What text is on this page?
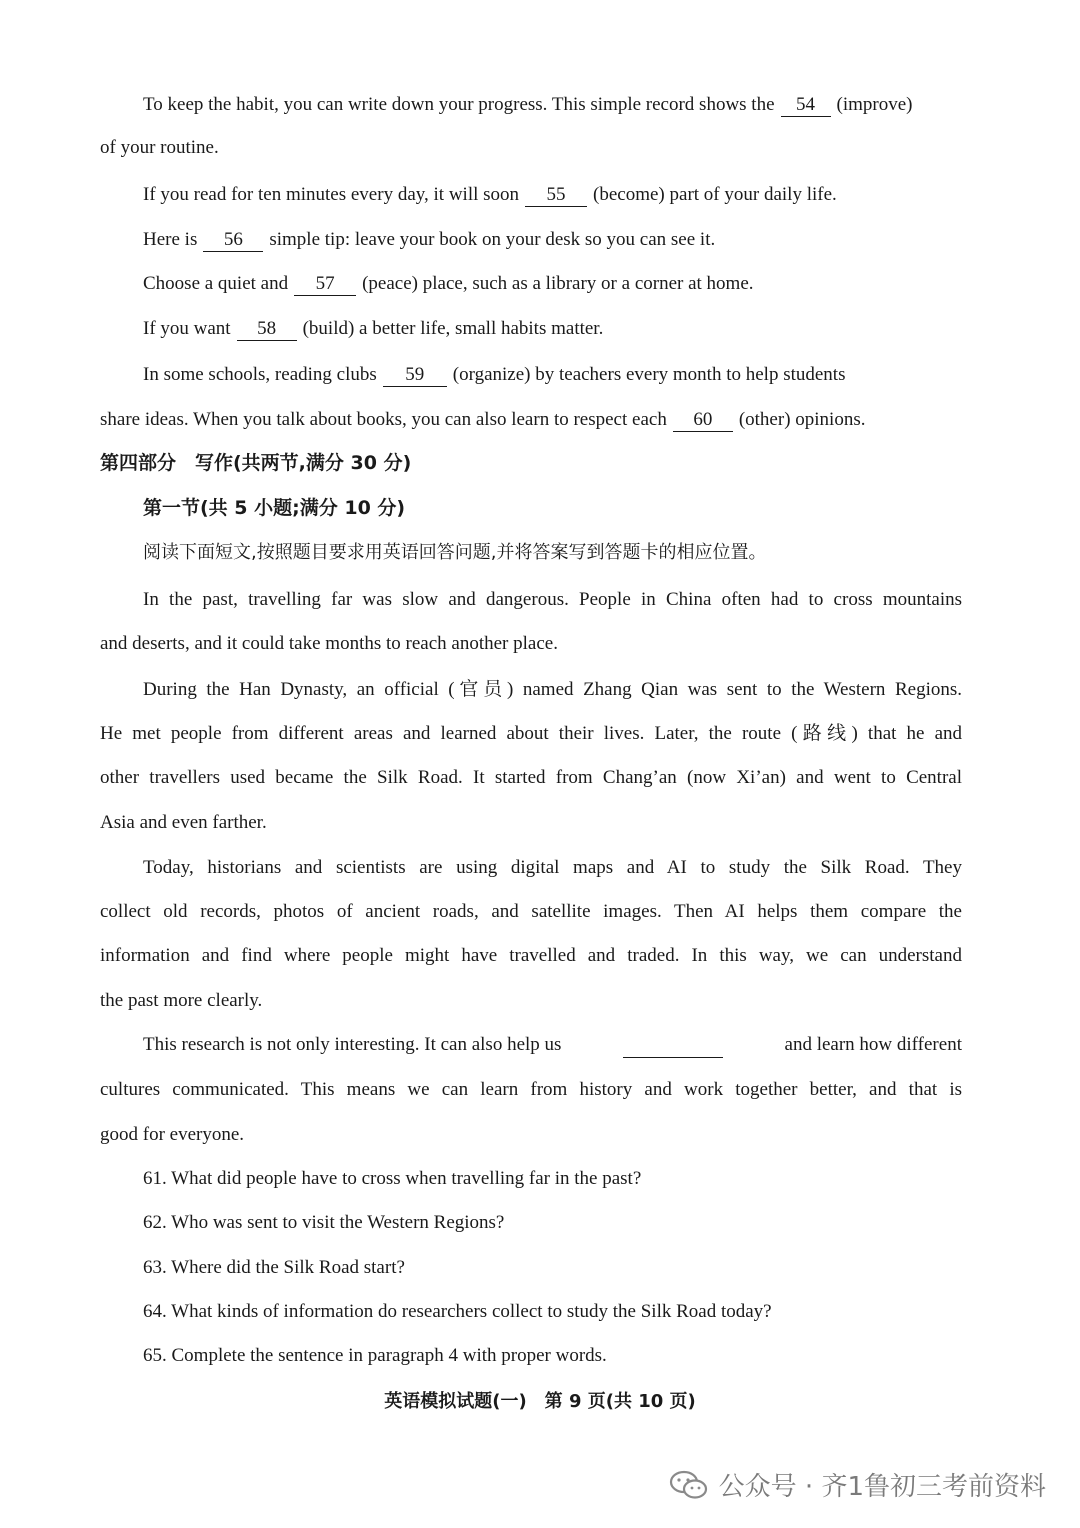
To keep the habit, you can write down your progress. This simple record shows the 54 (improve)
of your routine.
If you read for ten minutes every day, it will soon 55 (become) part of your daily life.
Here is 56 simple tip: leave your book on your desk so you can see it.
Choose a quiet and 57 (peace) place, such as a library or a corner at home.
If you want 58 (build) a better life, small habits matter.
In some schools, reading clubs 59 (organize) by teachers every month to help students
share ideas. When you talk about books, you can also learn to respect each 60 (other) opinions.
第四部分　写作(共两节,满分 30 分)
第一节(共 5 小题;满分 10 分)
阅读下面短文,按照题目要求用英语回答问题,并将答案写到答题卡的相应位置。
In the past, travelling far was slow and dangerous. People in China often had to cross mountains
and deserts, and it could take months to reach another place.
During the Han Dynasty, an official (官员) named Zhang Qian was sent to the Western Regions.
He met people from different areas and learned about their lives. Later, the route (路线) that he and
other travellers used became the Silk Road. It started from Chang’an (now Xi’an) and went to Central
Asia and even farther.
Today, historians and scientists are using digital maps and AI to study the Silk Road. They
collect old records, photos of ancient roads, and satellite images. Then AI helps them compare the
information and find where people might have travelled and traded. In this way, we can understand
the past more clearly.
This research is not only interesting. It can also help us	and learn how different
cultures communicated. This means we can learn from history and work together better, and that is
good for everyone.
61. What did people have to cross when travelling far in the past?
62. Who was sent to visit the Western Regions?
63. Where did the Silk Road start?
64. What kinds of information do researchers collect to study the Silk Road today?
65. Complete the sentence in paragraph 4 with proper words.
英语模拟试题(一)　第 9 页(共 10 页)
公众号 · 齐1鲁初三考前资料
